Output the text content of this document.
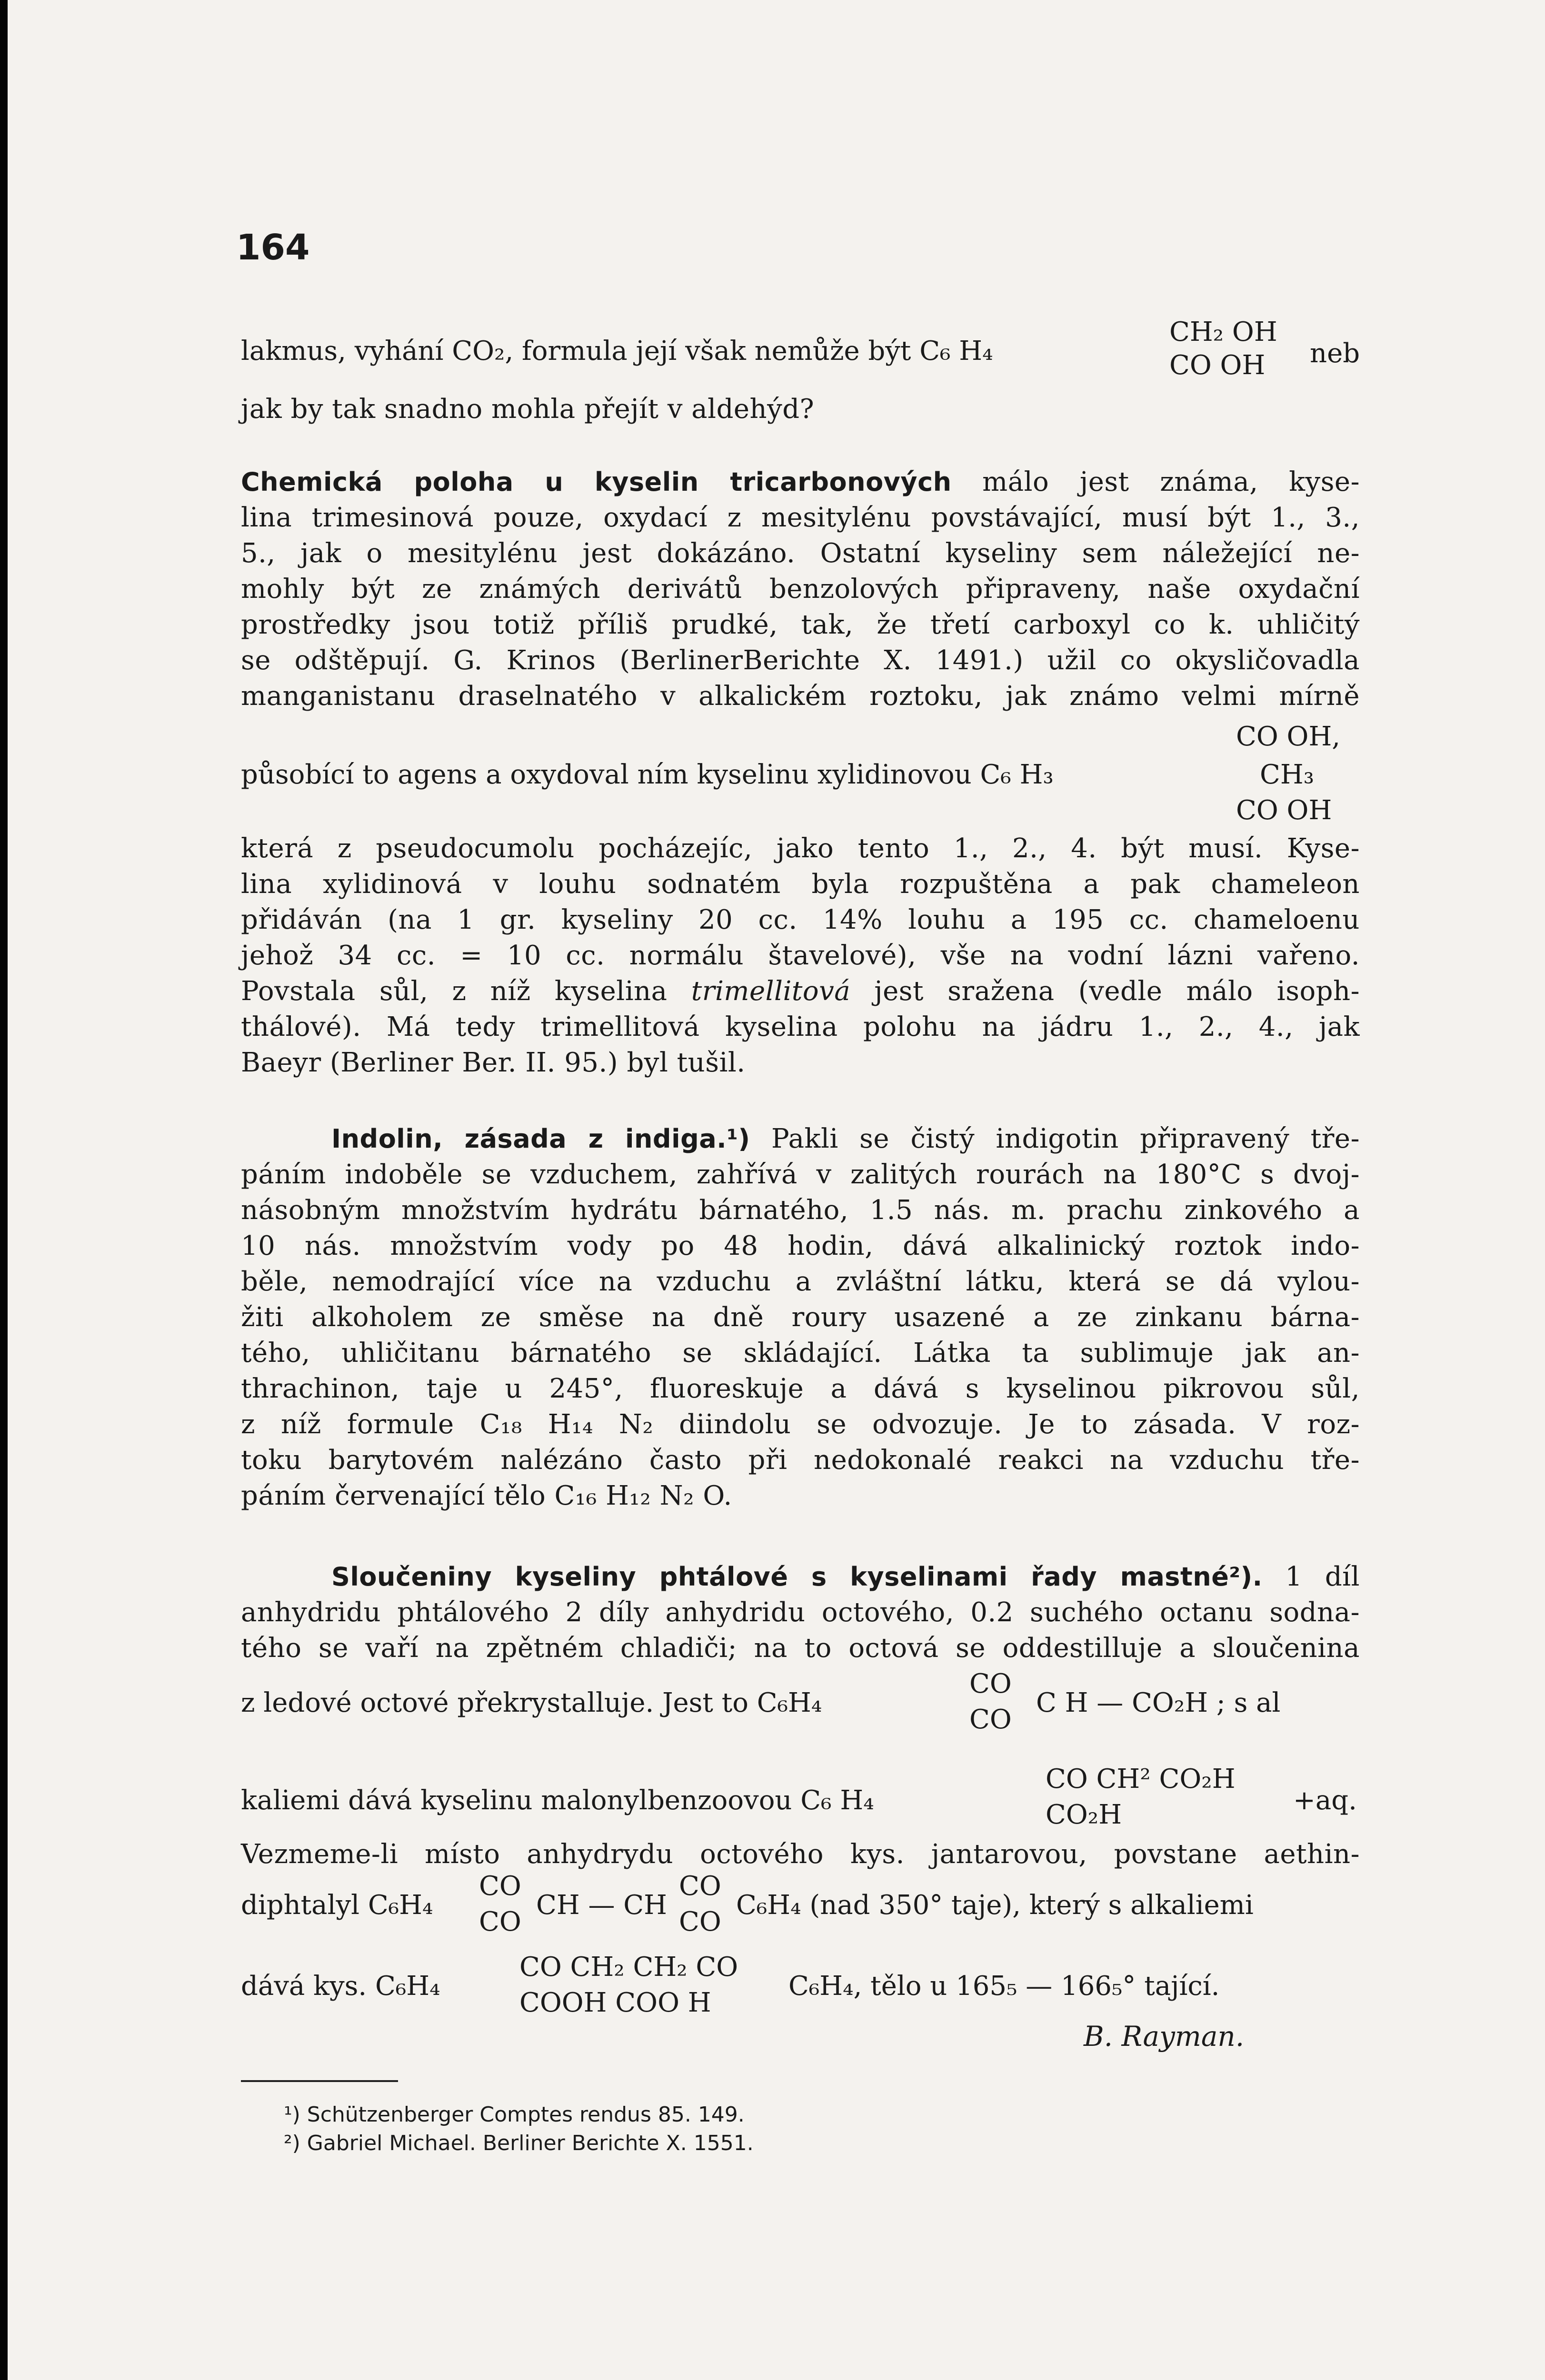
164
lakmus, vyhání CO₂, formula její však nemůže být C₆ H₄
CH₂ OH
CO OH neb
jak by tak snadno mohla přejít v aldehýd?
Chemická poloha u kyselin tricarbonových málo jest známa, kyse-
lina trimesinová pouze, oxydací z mesitylénu povstávající, musí být 1., 3.,
5., jak o mesitylénu jest dokázáno. Ostatní kyseliny sem náležející ne-
mohly být ze známých derivátů benzolových připraveny, naše oxydační
prostředky jsou totiž příliš prudké, tak, že třetí carboxyl co k. uhličitý
se odštěpují. G. Krinos (BerlinerBerichte X. 1491.) užil co okysličovadla
manganistanu draselnatého v alkalickém roztoku, jak známo velmi mírně
CO OH,
působící to agens a oxydoval ním kyselinu xylidinovou C₆ H₃	CH₃
CO OH
která z pseudocumolu pocházejíc, jako tento 1., 2., 4. být musí. Kyse-
lina xylidinová v louhu sodnatém byla rozpuštěna a pak chameleon
přidáván (na 1 gr. kyseliny 20 cc. 14% louhu a 195 cc. chameloenu
jehož 34 cc. = 10 cc. normálu štavelové), vše na vodní lázni vařeno.
Povstala sůl, z níž kyselina trimellitová jest sražena (vedle málo isoph-
thálové). Má tedy trimellitová kyselina polohu na jádru 1., 2., 4., jak
Baeyr (Berliner Ber. II. 95.) byl tušil.
Indolin, zásada z indiga.¹) Pakli se čistý indigotin připravený tře-
páním indoběle se vzduchem, zahřívá v zalitých rourách na 180°C s dvoj-
násobným množstvím hydrátu bárnatého, 1.5 nás. m. prachu zinkového a
10 nás. množstvím vody po 48 hodin, dává alkalinický roztok indo-
běle, nemodrající více na vzduchu a zvláštní látku, která se dá vylou-
žiti alkoholem ze směse na dně roury usazené a ze zinkanu bárna-
tého, uhličitanu bárnatého se skládající. Látka ta sublimuje jak an-
thrachinon, taje u 245°, fluoreskuje a dává s kyselinou pikrovou sůl,
z níž formule C₁₈ H₁₄ N₂ diindolu se odvozuje. Je to zásada. V roz-
toku barytovém nalézáno často při nedokonalé reakci na vzduchu tře-
páním červenající tělo C₁₆ H₁₂ N₂ O.
Sloučeniny kyseliny phtálové s kyselinami řady mastné²). 1 díl
anhydridu phtálového 2 díly anhydridu octového, 0.2 suchého octanu sodna-
tého se vaří na zpětném chladiči; na to octová se oddestilluje a sloučenina
z ledové octové překrystalluje. Jest to C₆H₄
CO
CO
C H — CO₂H ; s al
kaliemi dává kyselinu malonylbenzoovou C₆ H₄
CO CH² CO₂H
CO₂H	+aq.
Vezmeme-li místo anhydrydu octového kys. jantarovou, povstane aethin-
diphtalyl C₆H₄
CO
CO
CH — CH
CO
CO
C₆H₄ (nad 350° taje), který s alkaliemi
dává kys. C₆H₄
CO CH₂ CH₂ CO
COOH COO H
C₆H₄, tělo u 165₅ — 166₅° tající.
B. Rayman.
¹) Schützenberger Comptes rendus 85. 149.
²) Gabriel Michael. Berliner Berichte X. 1551.
